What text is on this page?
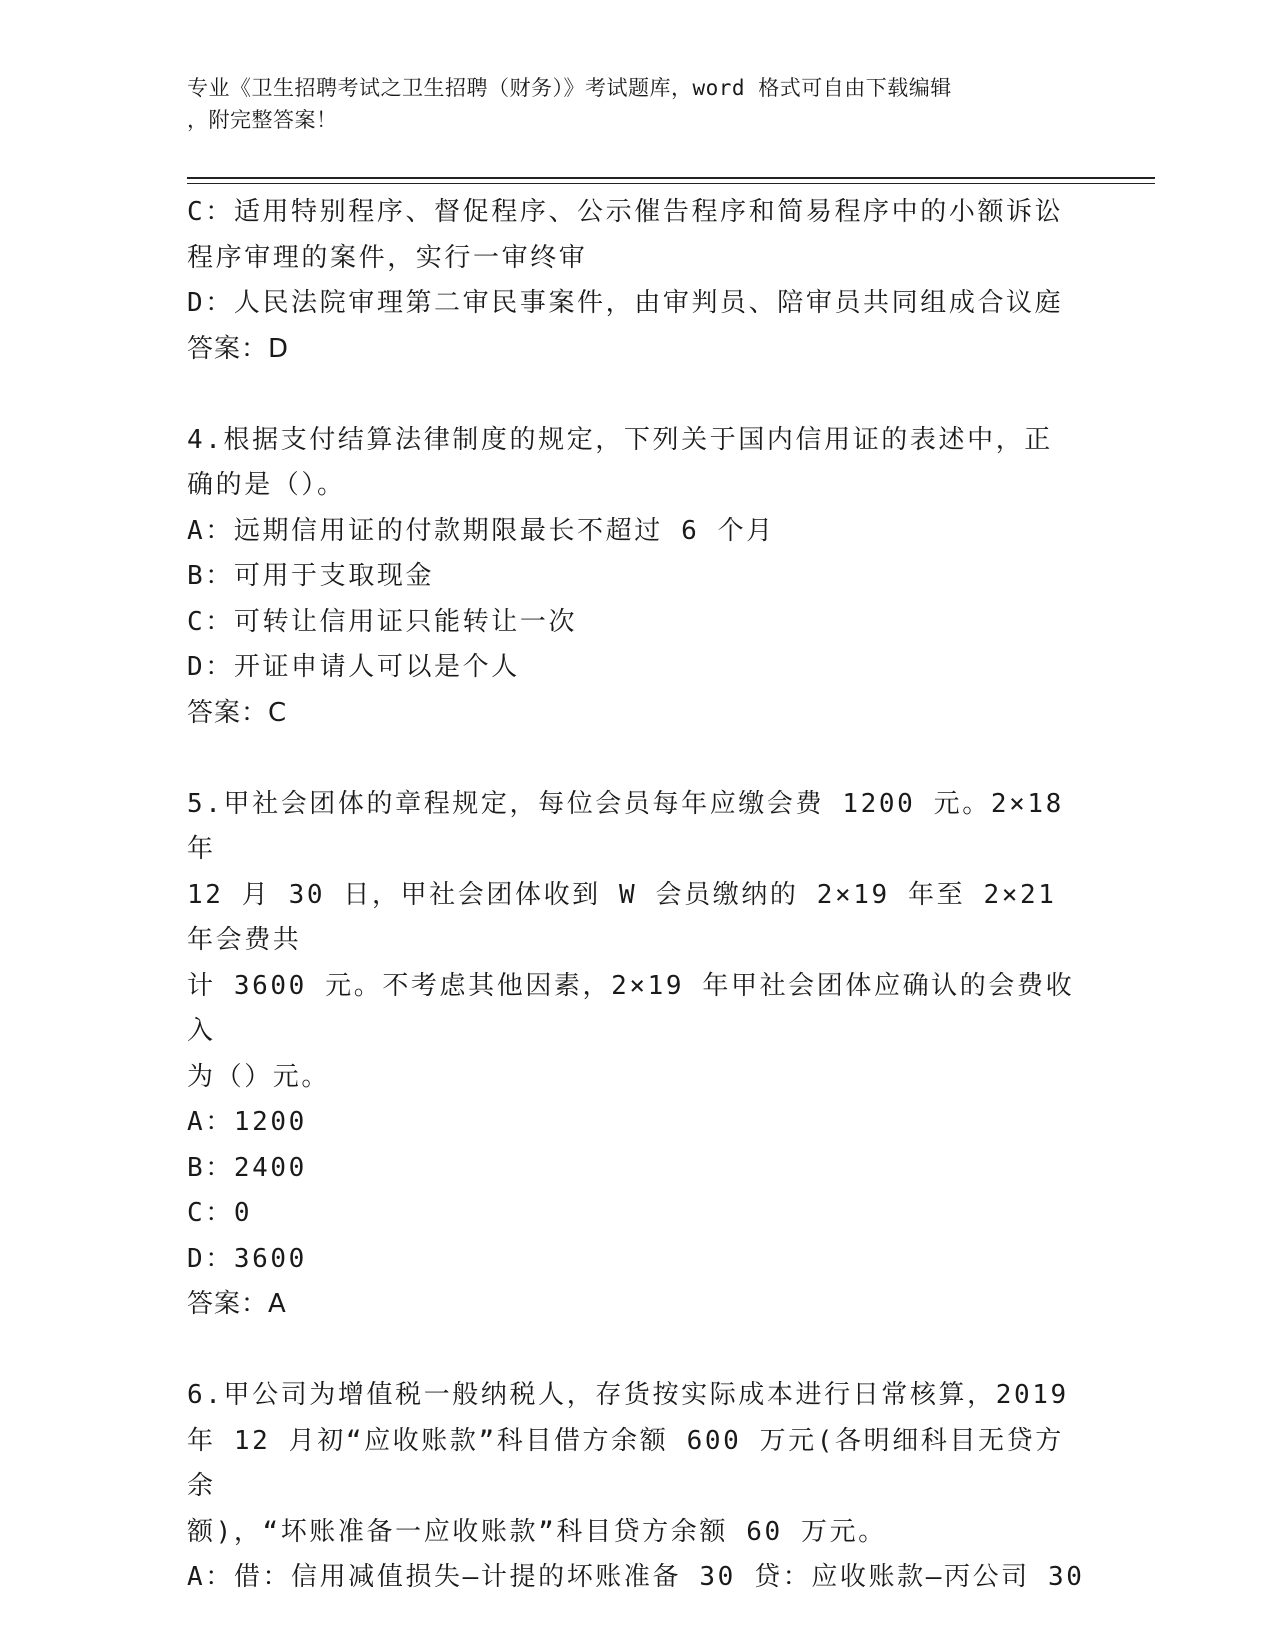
专业《卫生招聘考试之卫生招聘（财务）》考试题库，word 格式可自由下载编辑
，附完整答案！
C：适用特别程序、督促程序、公示催告程序和简易程序中的小额诉讼
程序审理的案件，实行一审终审
D：人民法院审理第二审民事案件，由审判员、陪审员共同组成合议庭
答案：D
4.根据支付结算法律制度的规定，下列关于国内信用证的表述中，正
确的是（）。
A：远期信用证的付款期限最长不超过 6 个月
B：可用于支取现金
C：可转让信用证只能转让一次
D：开证申请人可以是个人
答案：C
5.甲社会团体的章程规定，每位会员每年应缴会费 1200 元。2×18 年
12 月 30 日，甲社会团体收到 W 会员缴纳的 2×19 年至 2×21 年会费共
计 3600 元。不考虑其他因素，2×19 年甲社会团体应确认的会费收入
为（）元。
A：1200
B：2400
C：0
D：3600
答案：A
6.甲公司为增值税一般纳税人，存货按实际成本进行日常核算，2019
年 12 月初“应收账款”科目借方余额 600 万元(各明细科目无贷方余
额)，“坏账准备一应收账款”科目贷方余额 60 万元。
A：借：信用减值损失—计提的坏账准备 30 贷：应收账款—丙公司 30
